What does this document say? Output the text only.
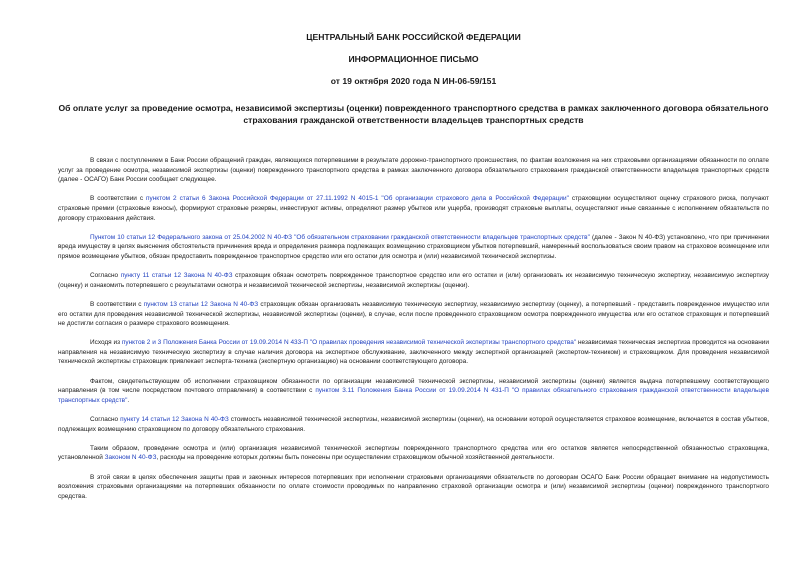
ЦЕНТРАЛЬНЫЙ БАНК РОССИЙСКОЙ ФЕДЕРАЦИИ
ИНФОРМАЦИОННОЕ ПИСЬМО
от 19 октября 2020 года N ИН-06-59/151
Об оплате услуг за проведение осмотра, независимой экспертизы (оценки) поврежденного транспортного средства в рамках заключенного договора обязательного страхования гражданской ответственности владельцев транспортных средств

В связи с поступлением в Банк России обращений граждан, являющихся потерпевшими в результате дорожно-транспортного происшествия, по фактам возложения на них страховыми организациями обязанности по оплате услуг за проведение осмотра, независимой экспертизы (оценки) поврежденного транспортного средства в рамках заключенного договора обязательного страхования гражданской ответственности владельцев транспортных средств (далее - ОСАГО) Банк России сообщает следующее.

В соответствии с пунктом 2 статьи 6 Закона Российской Федерации от 27.11.1992 N 4015-1 "Об организации страхового дела в Российской Федерации" страховщики осуществляют оценку страхового риска, получают страховые премии (страховые взносы), формируют страховые резервы, инвестируют активы, определяют размер убытков или ущерба, производят страховые выплаты, осуществляют иные связанные с исполнением обязательств по договору страхования действия.

Пунктом 10 статьи 12 Федерального закона от 25.04.2002 N 40-ФЗ "Об обязательном страховании гражданской ответственности владельцев транспортных средств" (далее - Закон N 40-ФЗ) установлено, что при причинении вреда имуществу в целях выяснения обстоятельств причинения вреда и определения размера подлежащих возмещению страховщиком убытков потерпевший, намеренный воспользоваться своим правом на страховое возмещение или прямое возмещение убытков, обязан предоставить поврежденное транспортное средство или его остатки для осмотра и (или) независимой технической экспертизы.

Согласно пункту 11 статьи 12 Закона N 40-ФЗ страховщик обязан осмотреть поврежденное транспортное средство или его остатки и (или) организовать их независимую техническую экспертизу, независимую экспертизу (оценку) и ознакомить потерпевшего с результатами осмотра и независимой технической экспертизы, независимой экспертизы (оценки).

В соответствии с пунктом 13 статьи 12 Закона N 40-ФЗ страховщик обязан организовать независимую техническую экспертизу, независимую экспертизу (оценку), а потерпевший - представить поврежденное имущество или его остатки для проведения независимой технической экспертизы, независимой экспертизы (оценки), в случае, если после проведенного страховщиком осмотра поврежденного имущества или его остатков страховщик и потерпевший не достигли согласия о размере страхового возмещения.

Исходя из пунктов 2 и 3 Положения Банка России от 19.09.2014 N 433-П "О правилах проведения независимой технической экспертизы транспортного средства" независимая техническая экспертиза проводится на основании направления на независимую техническую экспертизу в случае наличия договора на экспертное обслуживание, заключенного между экспертной организацией (экспертом-техником) и страховщиком. Для проведения независимой технической экспертизы страховщик привлекает эксперта-техника (экспертную организацию) на основании соответствующего договора.

Фактом, свидетельствующим об исполнении страховщиком обязанности по организации независимой технической экспертизы, независимой экспертизы (оценки) является выдача потерпевшему соответствующего направления (в том числе посредством почтового отправления) в соответствии с пунктом 3.11 Положения Банка России от 19.09.2014 N 431-П "О правилах обязательного страхования гражданской ответственности владельцев транспортных средств".

Согласно пункту 14 статьи 12 Закона N 40-ФЗ стоимость независимой технической экспертизы, независимой экспертизы (оценки), на основании которой осуществляется страховое возмещение, включается в состав убытков, подлежащих возмещению страховщиком по договору обязательного страхования.

Таким образом, проведение осмотра и (или) организация независимой технической экспертизы поврежденного транспортного средства или его остатков является непосредственной обязанностью страховщика, установленной Законом N 40-ФЗ, расходы на проведение которых должны быть понесены при осуществлении страховщиком обычной хозяйственной деятельности.

В этой связи в целях обеспечения защиты прав и законных интересов потерпевших при исполнении страховыми организациями обязательств по договорам ОСАГО Банк России обращает внимание на недопустимость возложения страховыми организациями на потерпевших обязанности по оплате стоимости проводимых по направлению страховой организации осмотра и (или) независимой экспертизы (оценки) поврежденного транспортного средства.
